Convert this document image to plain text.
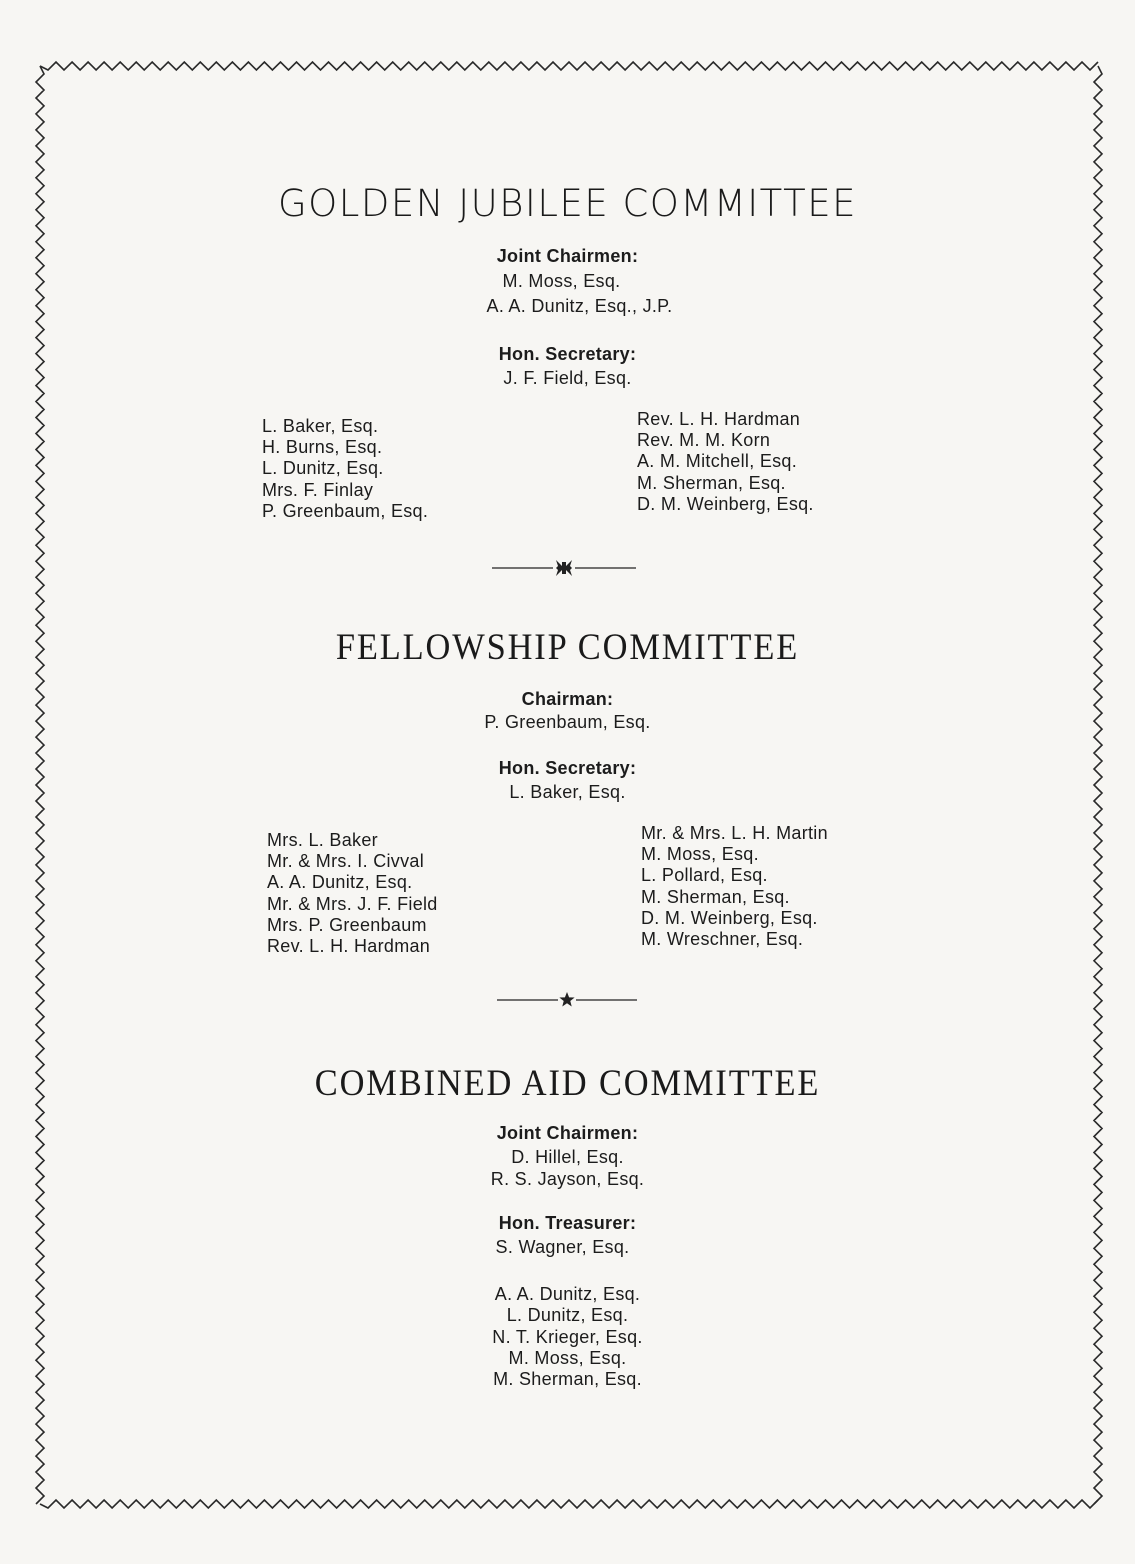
GOLDEN JUBILEE COMMITTEE
Joint Chairmen:
M. Moss, Esq.
A. A. Dunitz, Esq., J.P.
Hon. Secretary:
J. F. Field, Esq.
L. Baker, Esq.
H. Burns, Esq.
L. Dunitz, Esq.
Mrs. F. Finlay
P. Greenbaum, Esq.
Rev. L. H. Hardman
Rev. M. M. Korn
A. M. Mitchell, Esq.
M. Sherman, Esq.
D. M. Weinberg, Esq.
FELLOWSHIP COMMITTEE
Chairman:
P. Greenbaum, Esq.
Hon. Secretary:
L. Baker, Esq.
Mrs. L. Baker
Mr. & Mrs. I. Civval
A. A. Dunitz, Esq.
Mr. & Mrs. J. F. Field
Mrs. P. Greenbaum
Rev. L. H. Hardman
Mr. & Mrs. L. H. Martin
M. Moss, Esq.
L. Pollard, Esq.
M. Sherman, Esq.
D. M. Weinberg, Esq.
M. Wreschner, Esq.
COMBINED AID COMMITTEE
Joint Chairmen:
D. Hillel, Esq.
R. S. Jayson, Esq.
Hon. Treasurer:
S. Wagner, Esq.
A. A. Dunitz, Esq.
L. Dunitz, Esq.
N. T. Krieger, Esq.
M. Moss, Esq.
M. Sherman, Esq.
